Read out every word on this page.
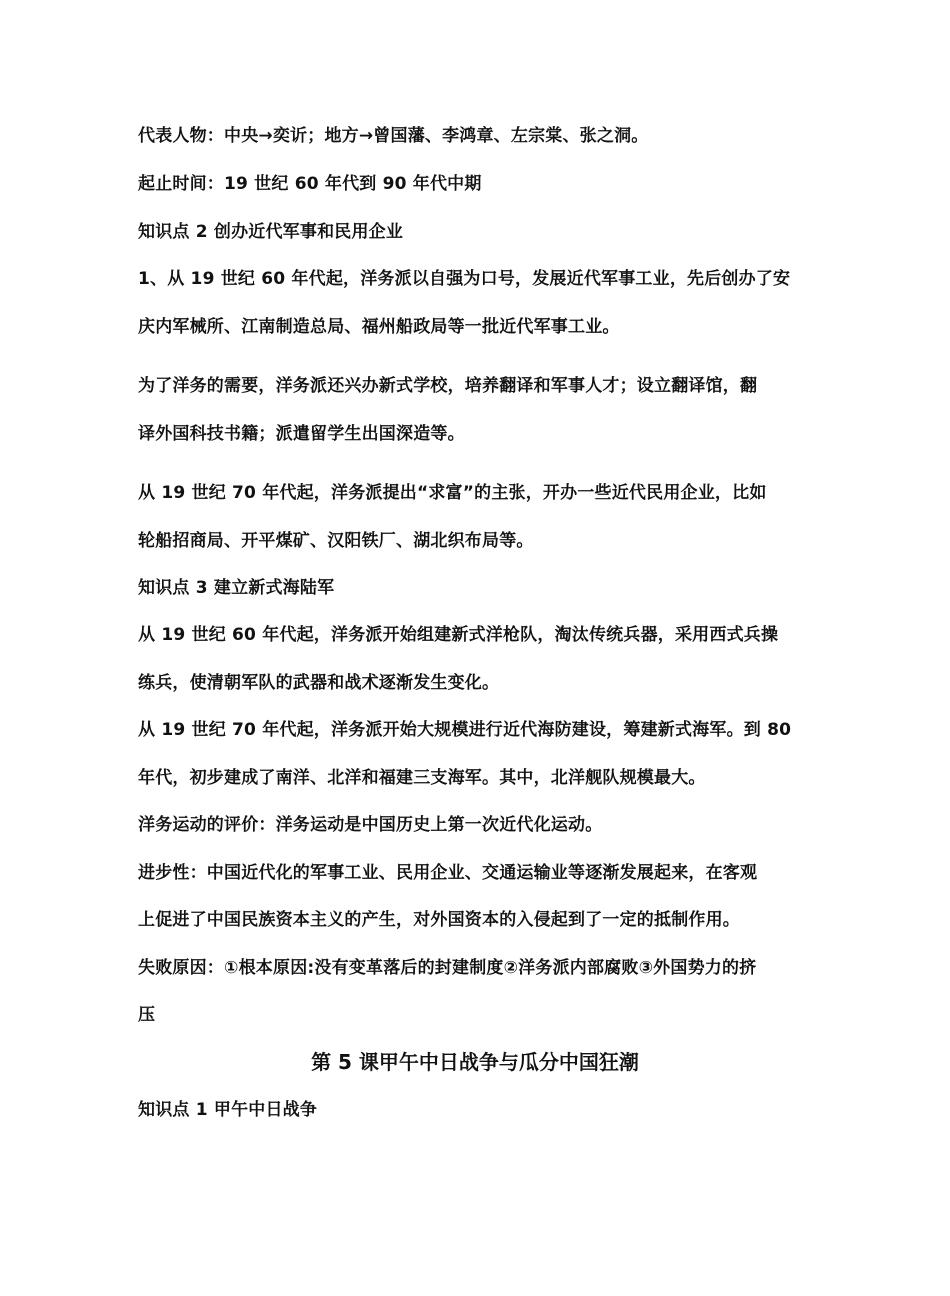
代表人物：中央→奕䜣；地方→曾国藩、李鸿章、左宗棠、张之洞。
起止时间：19 世纪 60 年代到 90 年代中期
知识点 2 创办近代军事和民用企业
1、从 19 世纪 60 年代起，洋务派以自强为口号，发展近代军事工业，先后创办了安
庆内军械所、江南制造总局、福州船政局等一批近代军事工业。
为了洋务的需要，洋务派还兴办新式学校，培养翻译和军事人才；设立翻译馆，翻
译外国科技书籍；派遣留学生出国深造等。
从 19 世纪 70 年代起，洋务派提出“求富”的主张，开办一些近代民用企业，比如
轮船招商局、开平煤矿、汉阳铁厂、湖北织布局等。
知识点 3 建立新式海陆军
从 19 世纪 60 年代起，洋务派开始组建新式洋枪队，淘汰传统兵器，采用西式兵操
练兵，使清朝军队的武器和战术逐渐发生变化。
从 19 世纪 70 年代起，洋务派开始大规模进行近代海防建设，筹建新式海军。到 80
年代，初步建成了南洋、北洋和福建三支海军。其中，北洋舰队规模最大。
洋务运动的评价：洋务运动是中国历史上第一次近代化运动。
进步性：中国近代化的军事工业、民用企业、交通运输业等逐渐发展起来，在客观
上促进了中国民族资本主义的产生，对外国资本的入侵起到了一定的抵制作用。
失败原因：①根本原因:没有变革落后的封建制度②洋务派内部腐败③外国势力的挤
压
第 5 课甲午中日战争与瓜分中国狂潮
知识点 1 甲午中日战争
